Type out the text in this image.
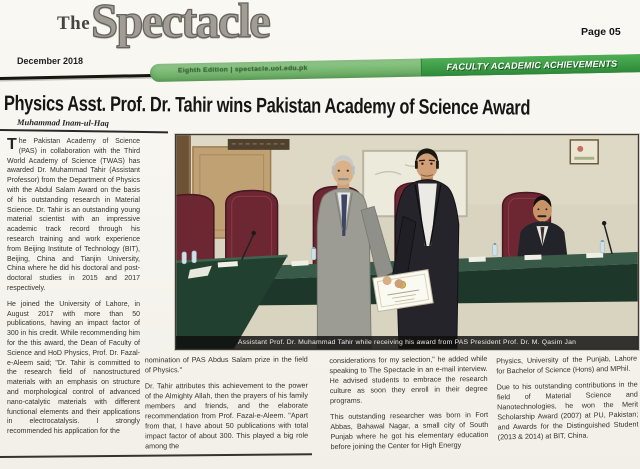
The Spectacle
December 2018
Page 05
Eighth Edition | spectacle.uol.edu.pk	FACULTY ACADEMIC ACHIEVEMENTS
Physics Asst. Prof. Dr. Tahir wins Pakistan Academy of Science Award
Muhammad Inam-ul-Haq

The Pakistan Academy of Science (PAS) in collaboration with the Third World Academy of Science (TWAS) has awarded Dr. Muhammad Tahir (Assistant Professor) from the Department of Physics with the Abdul Salam Award on the basis of his outstanding research in Material Science. Dr. Tahir is an outstanding young material scientist with an impressive academic track record through his research training and work experience from Beijing Institute of Technology (BIT), Beijing, China and Tianjin University, China where he did his doctoral and post-doctoral studies in 2015 and 2017 respectively.

He joined the University of Lahore, in August 2017 with more than 50 publications, having an impact factor of 300 in his credit. While recommending him for the this award, the Dean of Faculty of Science and HoD Physics, Prof. Dr. Fazal-e-Aleem said; "Dr. Tahir is committed to the research field of nanostructured materials with an emphasis on structure and morphological control of advanced nano-catalytic materials with different functional elements and their applications in electrocatalysis. I strongly recommended his application for the

Assistant Prof. Dr. Muhammad Tahir while receiving his award from PAS President Prof. Dr. M. Qasim Jan

nomination of PAS Abdus Salam prize in the field of Physics."

Dr. Tahir attributes this achievement to the power of the Almighty Allah, then the prayers of his family members and friends, and the elaborate recommendation from Prof. Fazal-e-Aleem. "Apart from that, I have about 50 publications with total impact factor of about 300. This played a big role among the

considerations for my selection," he added while speaking to The Spectacle in an e-mail interview. He advised students to embrace the research culture as soon they enroll in their degree programs.

This outstanding researcher was born in Fort Abbas, Bahawal Nagar, a small city of South Punjab where he got his elementary education before joining the Center for High Energy

Physics, University of the Punjab, Lahore for Bachelor of Science (Hons) and MPhil.

Due to his outstanding contributions in the field of Material Science and Nanotechnologies, he won the Merit Scholarship Award (2007) at PU, Pakistan; and Awards for the Distinguished Student (2013 & 2014) at BIT, China.
